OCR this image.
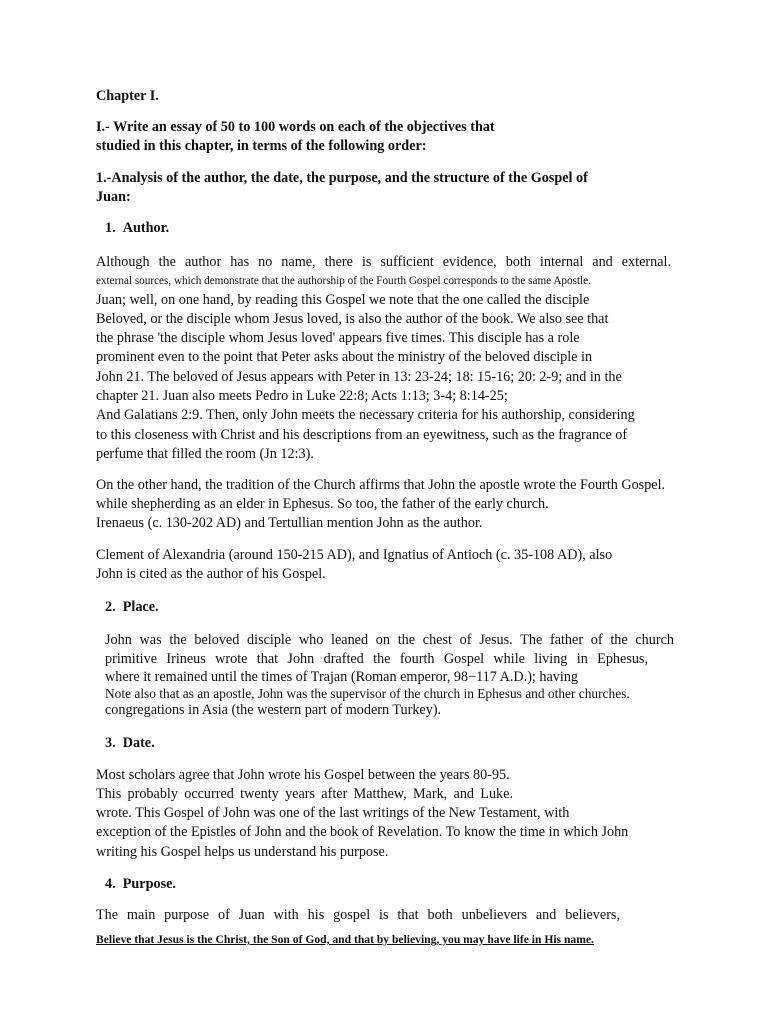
Chapter I.
I.- Write an essay of 50 to 100 words on each of the objectives that
studied in this chapter, in terms of the following order:
1.-Analysis of the author, the date, the purpose, and the structure of the Gospel of
Juan:
1.  Author.
Although the author has no name, there is sufficient evidence, both internal and external.
external sources, which demonstrate that the authorship of the Fourth Gospel corresponds to the same Apostle.
Juan; well, on one hand, by reading this Gospel we note that the one called the disciple
Beloved, or the disciple whom Jesus loved, is also the author of the book. We also see that
the phrase 'the disciple whom Jesus loved' appears five times. This disciple has a role
prominent even to the point that Peter asks about the ministry of the beloved disciple in
John 21. The beloved of Jesus appears with Peter in 13: 23-24; 18: 15-16; 20: 2-9; and in the
chapter 21. Juan also meets Pedro in Luke 22:8; Acts 1:13; 3-4; 8:14-25;
And Galatians 2:9. Then, only John meets the necessary criteria for his authorship, considering
to this closeness with Christ and his descriptions from an eyewitness, such as the fragrance of
perfume that filled the room (Jn 12:3).
On the other hand, the tradition of the Church affirms that John the apostle wrote the Fourth Gospel.
while shepherding as an elder in Ephesus. So too, the father of the early church.
Irenaeus (c. 130-202 AD) and Tertullian mention John as the author.
Clement of Alexandria (around 150-215 AD), and Ignatius of Antioch (c. 35-108 AD), also
John is cited as the author of his Gospel.
2.  Place.
John was the beloved disciple who leaned on the chest of Jesus. The father of the church
primitive Irineus wrote that John drafted the fourth Gospel while living in Ephesus,
where it remained until the times of Trajan (Roman emperor, 98−117 A.D.); having
Note also that as an apostle, John was the supervisor of the church in Ephesus and other churches.
congregations in Asia (the western part of modern Turkey).
3.  Date.
Most scholars agree that John wrote his Gospel between the years 80-95.
This probably occurred twenty years after Matthew, Mark, and Luke.
wrote. This Gospel of John was one of the last writings of the New Testament, with
exception of the Epistles of John and the book of Revelation. To know the time in which John
writing his Gospel helps us understand his purpose.
4.  Purpose.
The main purpose of Juan with his gospel is that both unbelievers and believers,
Believe that Jesus is the Christ, the Son of God, and that by believing, you may have life in His name.
